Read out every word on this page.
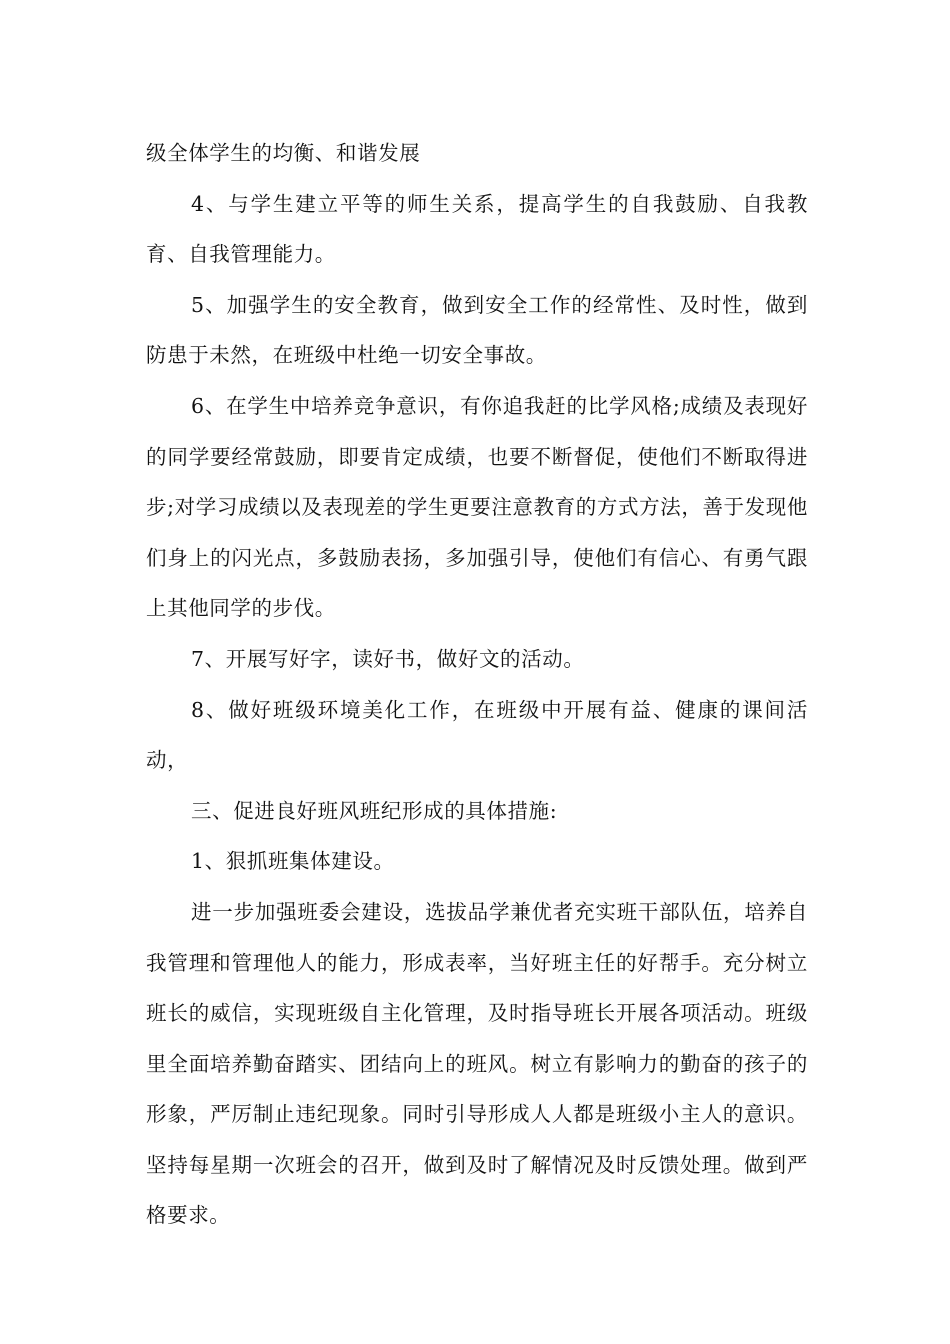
级全体学生的均衡、和谐发展

4、与学生建立平等的师生关系，提高学生的自我鼓励、自我教育、自我管理能力。

5、加强学生的安全教育，做到安全工作的经常性、及时性，做到防患于未然，在班级中杜绝一切安全事故。

6、在学生中培养竞争意识，有你追我赶的比学风格;成绩及表现好的同学要经常鼓励，即要肯定成绩，也要不断督促，使他们不断取得进步;对学习成绩以及表现差的学生更要注意教育的方式方法，善于发现他们身上的闪光点，多鼓励表扬，多加强引导，使他们有信心、有勇气跟上其他同学的步伐。

7、开展写好字，读好书，做好文的活动。

8、做好班级环境美化工作，在班级中开展有益、健康的课间活动，

三、促进良好班风班纪形成的具体措施:

1、狠抓班集体建设。

进一步加强班委会建设，选拔品学兼优者充实班干部队伍，培养自我管理和管理他人的能力，形成表率，当好班主任的好帮手。充分树立班长的威信，实现班级自主化管理，及时指导班长开展各项活动。班级里全面培养勤奋踏实、团结向上的班风。树立有影响力的勤奋的孩子的形象，严厉制止违纪现象。同时引导形成人人都是班级小主人的意识。坚持每星期一次班会的召开，做到及时了解情况及时反馈处理。做到严格要求。
